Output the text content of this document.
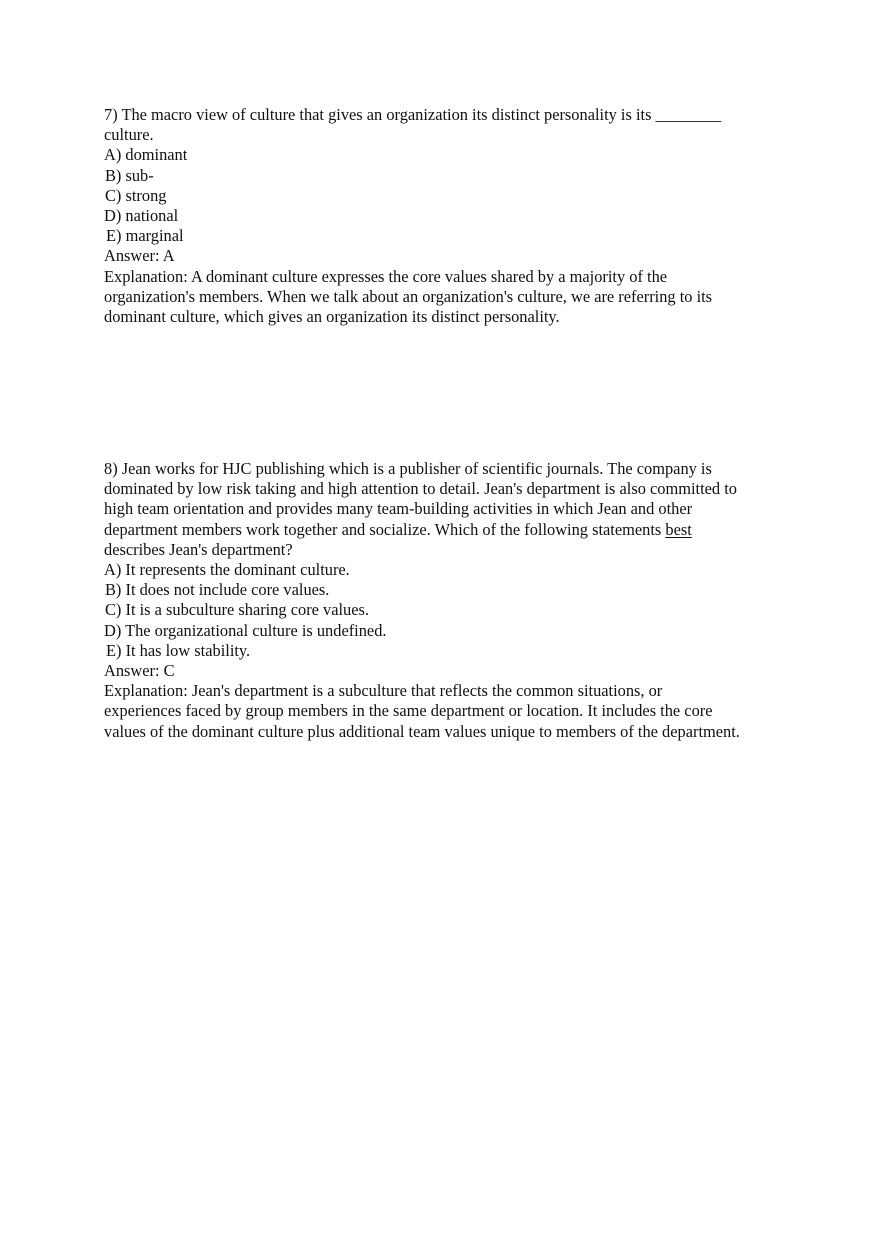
7) The macro view of culture that gives an organization its distinct personality is its ________
culture.
A) dominant
B) sub-
C) strong
D) national
E) marginal
Answer: A
Explanation: A dominant culture expresses the core values shared by a majority of the
organization's members. When we talk about an organization's culture, we are referring to its
dominant culture, which gives an organization its distinct personality.
8) Jean works for HJC publishing which is a publisher of scientific journals. The company is
dominated by low risk taking and high attention to detail. Jean's department is also committed to
high team orientation and provides many team-building activities in which Jean and other
department members work together and socialize. Which of the following statements best
describes Jean's department?
A) It represents the dominant culture.
B) It does not include core values.
C) It is a subculture sharing core values.
D) The organizational culture is undefined.
E) It has low stability.
Answer: C
Explanation: Jean's department is a subculture that reflects the common situations, or
experiences faced by group members in the same department or location. It includes the core
values of the dominant culture plus additional team values unique to members of the department.
